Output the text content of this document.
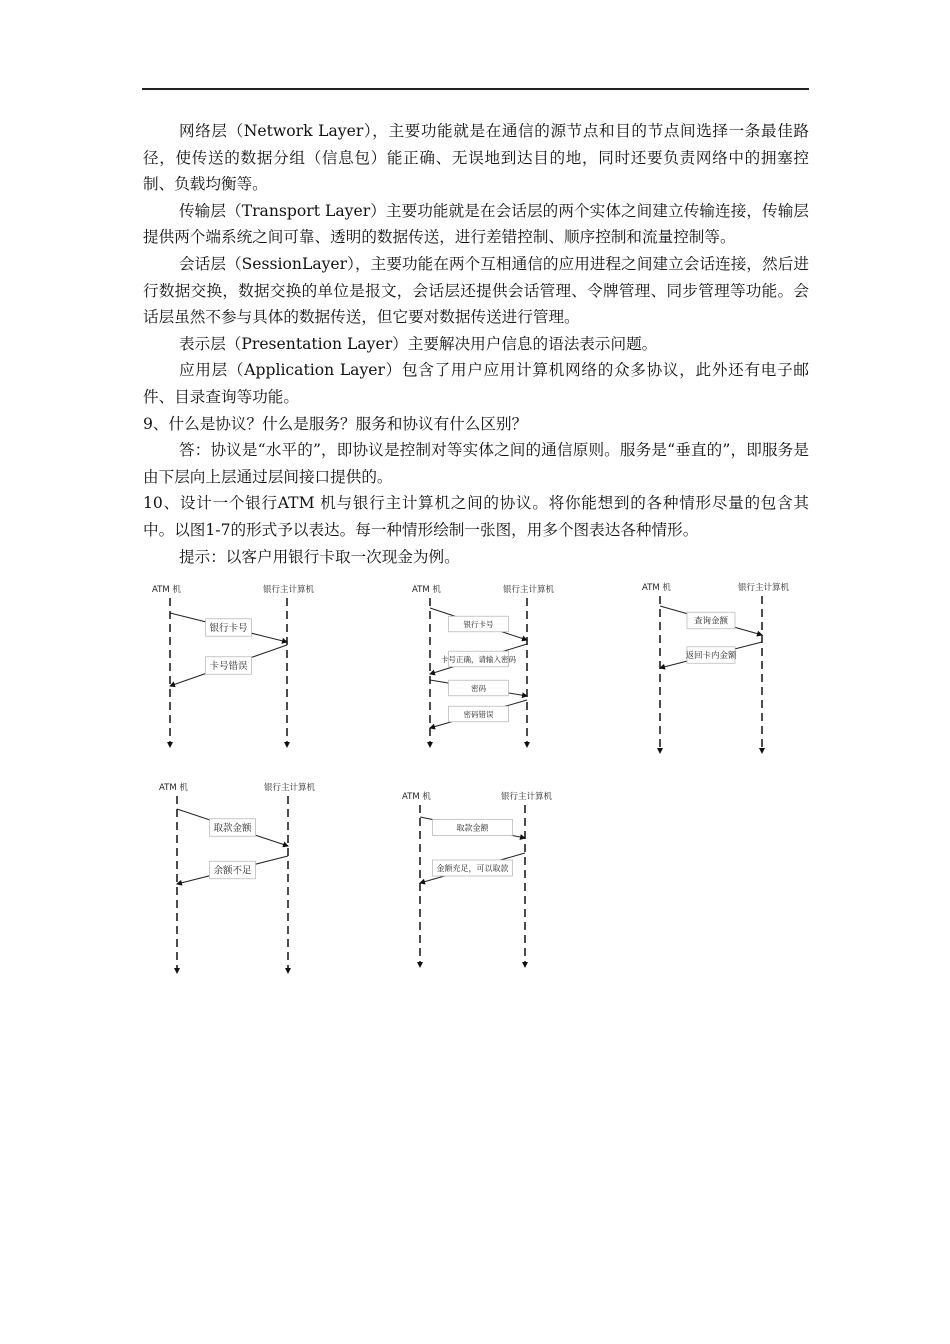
网络层（Network Layer），主要功能就是在通信的源节点和目的节点间选择一条最佳路径，使传送的数据分组（信息包）能正确、无误地到达目的地，同时还要负责网络中的拥塞控制、负载均衡等。

传输层（Transport Layer）主要功能就是在会话层的两个实体之间建立传输连接，传输层提供两个端系统之间可靠、透明的数据传送，进行差错控制、顺序控制和流量控制等。

会话层（SessionLayer），主要功能在两个互相通信的应用进程之间建立会话连接，然后进行数据交换，数据交换的单位是报文，会话层还提供会话管理、令牌管理、同步管理等功能。会话层虽然不参与具体的数据传送，但它要对数据传送进行管理。

表示层（Presentation Layer）主要解决用户信息的语法表示问题。

应用层（Application Layer）包含了用户应用计算机网络的众多协议，此外还有电子邮件、目录查询等功能。

9、什么是协议？什么是服务？服务和协议有什么区别？

答：协议是“水平的”，即协议是控制对等实体之间的通信原则。服务是“垂直的”，即服务是由下层向上层通过层间接口提供的。

10、设计一个银行ATM 机与银行主计算机之间的协议。将你能想到的各种情形尽量的包含其中。以图1-7的形式予以表达。每一种情形绘制一张图，用多个图表达各种情形。

提示：以客户用银行卡取一次现金为例。

ATM 机	银行主计算机
银行卡号
卡号错误
ATM 机	银行主计算机
银行卡号
卡号正确，请输入密码
密码
密码错误
ATM 机	银行主计算机
查询金额
返回卡内金额
ATM 机	银行主计算机
取款金额
余额不足
ATM 机	银行主计算机
取款金额
金额充足，可以取款
